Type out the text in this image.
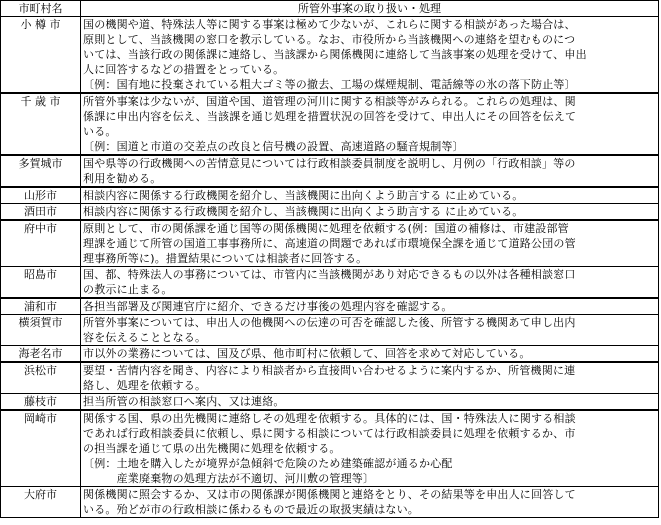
市町村名	所管外事案の取り扱い・処理
小 樽 市	国の機関や道、特殊法人等に関する事案は極めて少ないが、これらに関する相談があった場合は、
原則として、当該機関の窓口を教示している。なお、市役所から当該機関への連絡を望むものにつ
いては、当該行政の関係課に連絡し、当該課から関係機関に連絡して当該事案の処理を受けて、申出
人に回答するなどの措置をとっている。
〔例：国有地に投棄されている粗大ゴミ等の撤去、工場の煤煙規制、電話線等の氷の落下防止等〕

千 歳 市	所管外事案は少ないが、国道や国、道管理の河川に関する相談等がみられる。これらの処理は、関
係課に申出内容を伝え、当該課を通じ処理を措置状況の回答を受けて、申出人にその回答を伝えて
いる。
〔例：国道と市道の交差点の改良と信号機の設置、高速道路の騒音規制等〕

多賀城市	国や県等の行政機関への苦情意見については行政相談委員制度を説明し、月例の「行政相談」等の
利用を勧める。

山形市	相談内容に関係する行政機関を紹介し、当該機関に出向くよう助言する に止めている。

酒田市	相談内容に関係する行政機関を紹介し、当該機関に出向くよう助言する に止めている。

府中市	原則として、市の関係課を通じ国等の関係機関に処理を依頼する(例：国道の補修は、市建設部管
理課を通じて所管の国道工事事務所に、高速道の問題であれば市環境保全課を通じて道路公団の管
理事務所等に)。措置結果については相談者に回答する。

昭島市	国、都、特殊法人の事務については、市管内に当該機関があり対応できるもの以外は各種相談窓口
の教示に止まる。

浦和市	各担当部署及び関連官庁に紹介、できるだけ事後の処理内容を確認する。

横須賀市	所管外事案については、申出人の他機関への伝達の可否を確認した後、所管する機関あて申し出内
容を伝えることとなる。

海老名市	市以外の業務については、国及び県、他市町村に依頼して、回答を求めて対応している。

浜松市	要望・苦情内容を聞き、内容により相談者から直接問い合わせるように案内するか、所管機関に連
絡し、処理を依頼する。

藤枝市	担当所管の相談窓口へ案内、又は連絡。

岡崎市	関係する国、県の出先機関に連絡しその処理を依頼する。具体的には、国・特殊法人に関する相談
であれば行政相談委員に依頼し、県に関する相談については行政相談委員に処理を依頼するか、市
の担当課を通じて県の出先機関に処理を依頼する。
〔例：土地を購入したが境界が急傾斜で危険のため建築確認が通るか心配
　　　産業廃棄物の処理方法が不適切、河川敷の管理等〕

大府市	関係機関に照会するか、又は市の関係課が関係機関と連絡をとり、その結果等を申出人に回答して
いる。殆どが市の行政相談に係わるもので最近の取扱実績はない。
